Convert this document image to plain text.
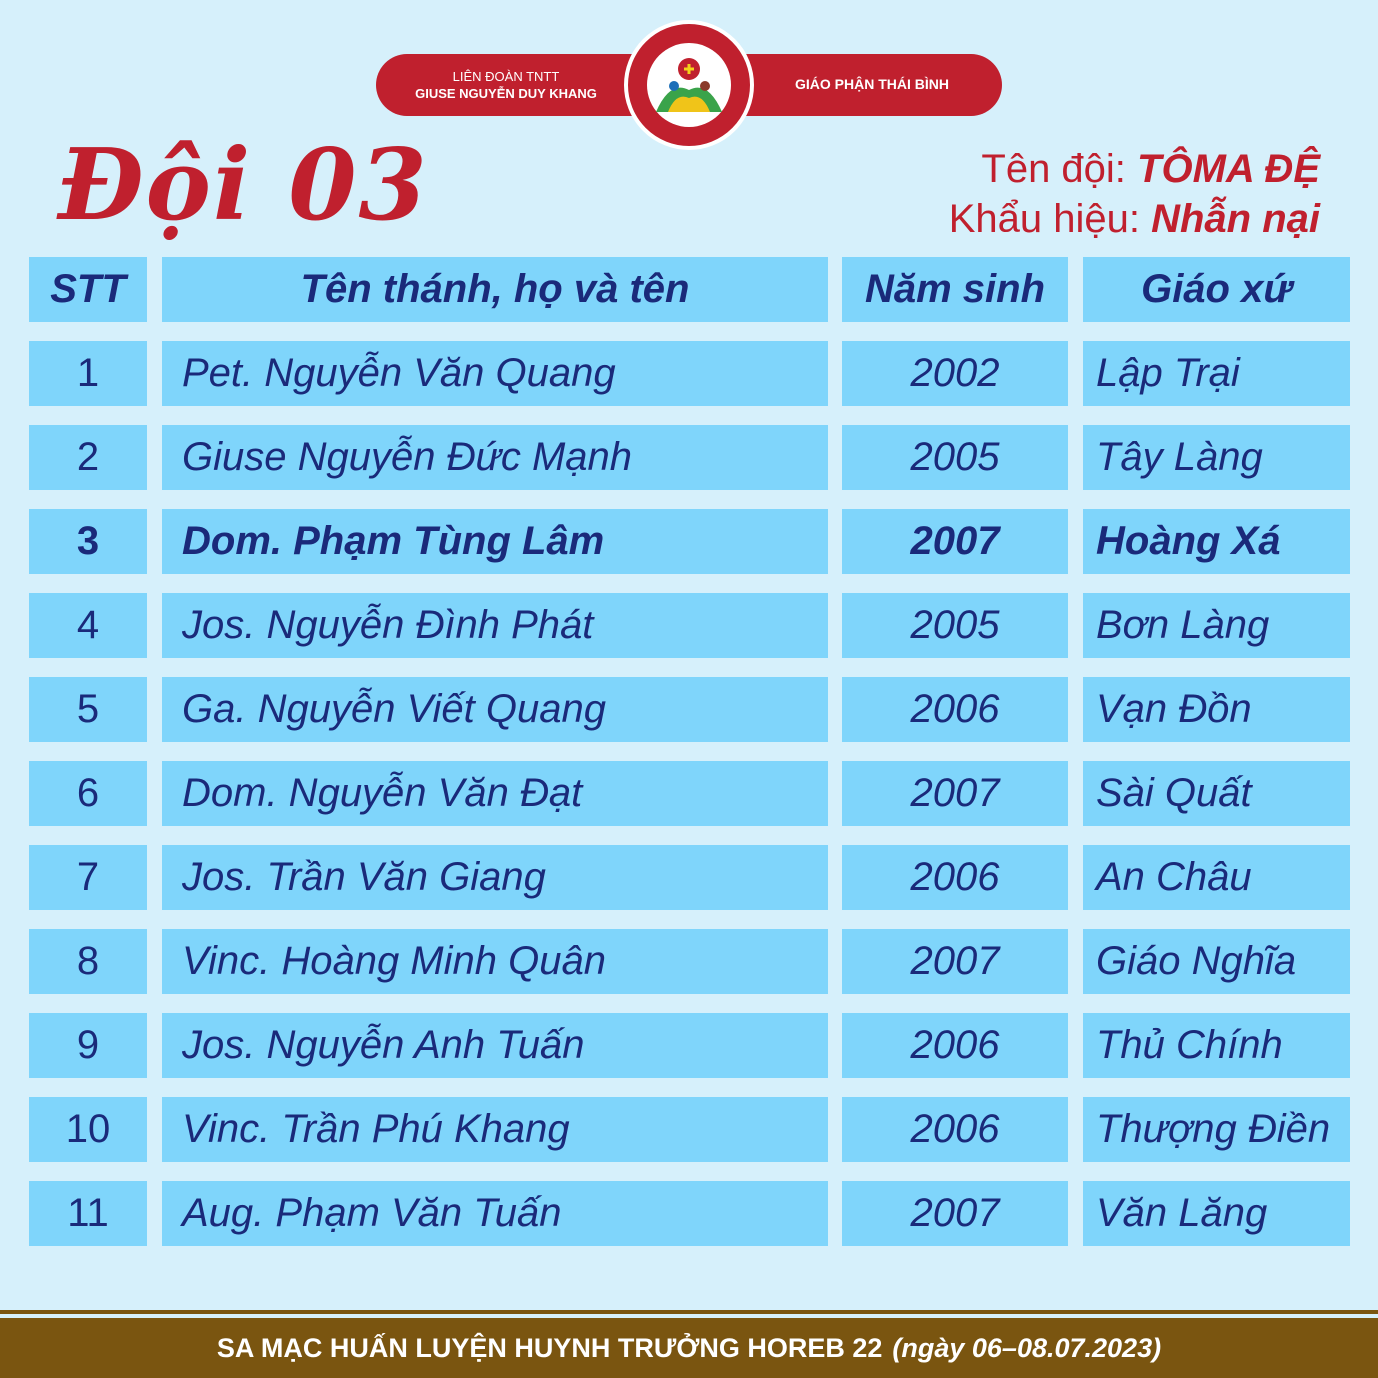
LIÊN ĐOÀN TNTT
GIUSE NGUYỄN DUY KHANG
GIÁO PHẬN THÁI BÌNH
Đội 03	Tên đội: TÔMA ĐỆ
Khẩu hiệu: Nhẫn nại
STT	Tên thánh, họ và tên	Năm sinh	Giáo xứ
1	Pet. Nguyễn Văn Quang	2002	Lập Trại
2	Giuse Nguyễn Đức Mạnh	2005	Tây Làng
3	Dom. Phạm Tùng Lâm	2007	Hoàng Xá
4	Jos. Nguyễn Đình Phát	2005	Bơn Làng
5	Ga. Nguyễn Viết Quang	2006	Vạn Đồn
6	Dom. Nguyễn Văn Đạt	2007	Sài Quất
7	Jos. Trần Văn Giang	2006	An Châu
8	Vinc. Hoàng Minh Quân	2007	Giáo Nghĩa
9	Jos. Nguyễn Anh Tuấn	2006	Thủ Chính
10	Vinc. Trần Phú Khang	2006	Thượng Điền
11	Aug. Phạm Văn Tuấn	2007	Văn Lăng
SA MẠC HUẤN LUYỆN HUYNH TRƯỞNG HOREB 22 (ngày 06–08.07.2023)
